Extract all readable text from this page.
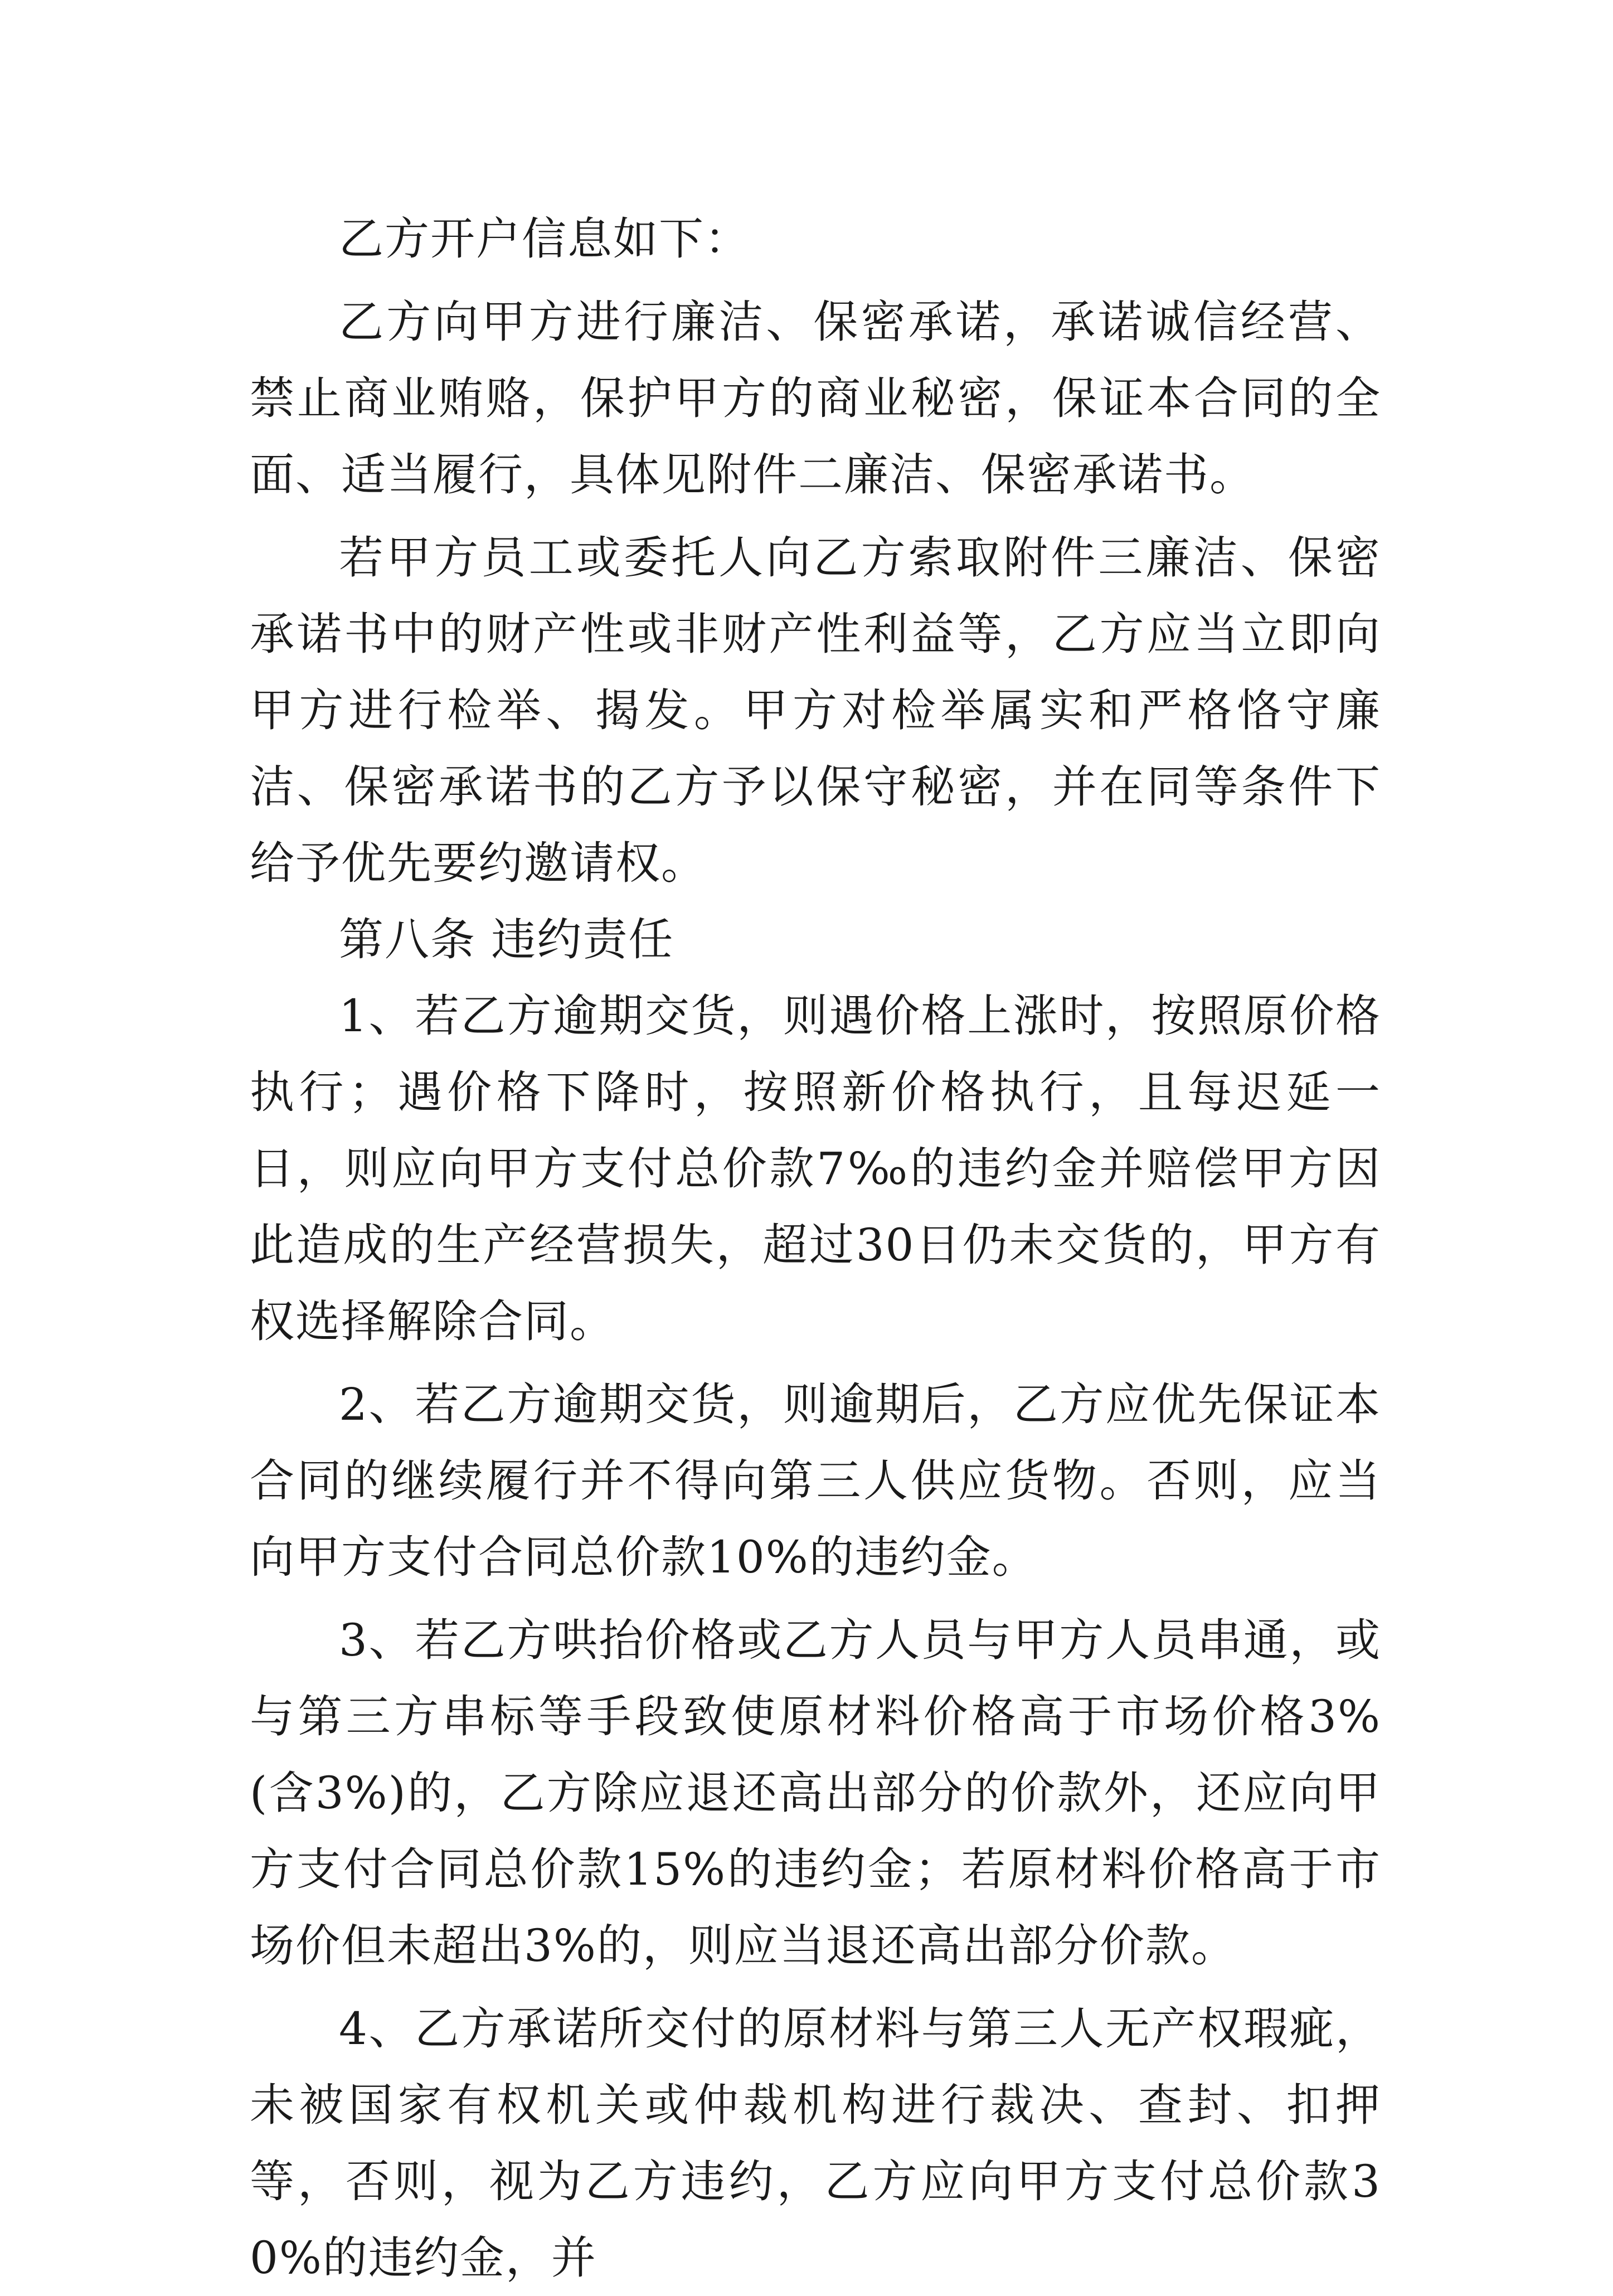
乙方开户信息如下：

乙方向甲方进行廉洁、保密承诺，承诺诚信经营、禁止商业贿赂，保护甲方的商业秘密，保证本合同的全面、适当履行，具体见附件二廉洁、保密承诺书。

若甲方员工或委托人向乙方索取附件三廉洁、保密承诺书中的财产性或非财产性利益等，乙方应当立即向甲方进行检举、揭发。甲方对检举属实和严格恪守廉洁、保密承诺书的乙方予以保守秘密，并在同等条件下给予优先要约邀请权。

第八条 违约责任

1、若乙方逾期交货，则遇价格上涨时，按照原价格执行；遇价格下降时，按照新价格执行，且每迟延一日，则应向甲方支付总价款7‰的违约金并赔偿甲方因此造成的生产经营损失，超过30日仍未交货的，甲方有权选择解除合同。

2、若乙方逾期交货，则逾期后，乙方应优先保证本合同的继续履行并不得向第三人供应货物。否则，应当向甲方支付合同总价款10%的违约金。

3、若乙方哄抬价格或乙方人员与甲方人员串通，或与第三方串标等手段致使原材料价格高于市场价格3%(含3%)的，乙方除应退还高出部分的价款外，还应向甲方支付合同总价款15%的违约金；若原材料价格高于市场价但未超出3%的，则应当退还高出部分价款。

4、乙方承诺所交付的原材料与第三人无产权瑕疵，未被国家有权机关或仲裁机构进行裁决、查封、扣押等，否则，视为乙方违约，乙方应向甲方支付总价款30%的违约金，并
